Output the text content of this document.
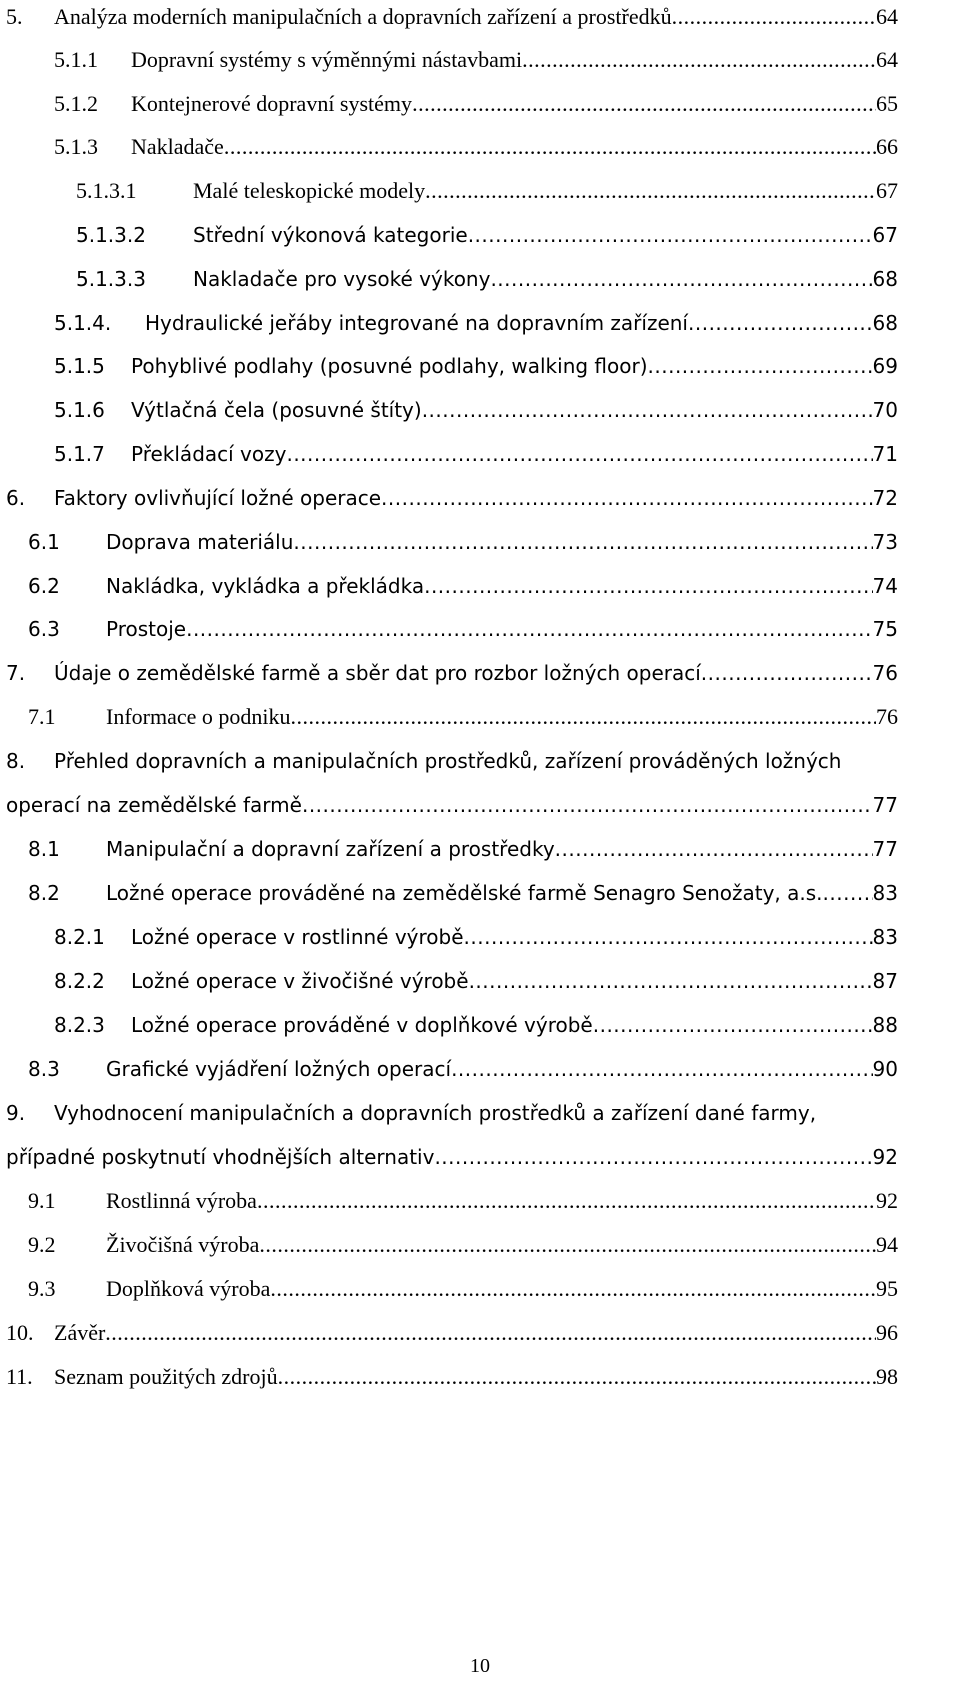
5. Analýza moderních manipulačních a dopravních zařízení a prostředků .....	64
5.1.1 Dopravní systémy s výměnnými nástavbami .....	64
5.1.2 Kontejnerové dopravní systémy .....	65
5.1.3 Nakladače .....	66
5.1.3.1	Malé teleskopické modely .....	67
5.1.3.2 Střední výkonová kategorie .....	67
5.1.3.3 Nakladače pro vysoké výkony .....	68
5.1.4. Hydraulické jeřáby integrované na dopravním zařízení .....	68
5.1.5 Pohyblivé podlahy (posuvné podlahy, walking floor) .....	69
5.1.6 Výtlačná čela (posuvné štíty) .....	70
5.1.7 Překládací vozy .....	71
6. Faktory ovlivňující ložné operace .....	72
6.1 Doprava materiálu .....	73
6.2 Nakládka, vykládka a překládka .....	74
6.3 Prostoje .....	75
7. Údaje o zemědělské farmě a sběr dat pro rozbor ložných operací .....	76
7.1 Informace o podniku .....	76
8. Přehled dopravních a manipulačních prostředků, zařízení prováděných ložných
operací na zemědělské farmě .....	77
8.1 Manipulační a dopravní zařízení a prostředky .....	77
8.2 Ložné operace prováděné na zemědělské farmě Senagro Senožaty, a.s. .....	83
8.2.1 Ložné operace v rostlinné výrobě .....	83
8.2.2 Ložné operace v živočišné výrobě .....	87
8.2.3 Ložné operace prováděné v doplňkové výrobě .....	88
8.3 Grafické vyjádření ložných operací .....	90
9. Vyhodnocení manipulačních a dopravních prostředků a zařízení dané farmy,
případné poskytnutí vhodnějších alternativ .....	92
9.1 Rostlinná výroba .....	92
9.2 Živočišná výroba .....	94
9.3 Doplňková výroba .....	95
10. Závěr .....	96
11. Seznam použitých zdrojů .....	98
10
